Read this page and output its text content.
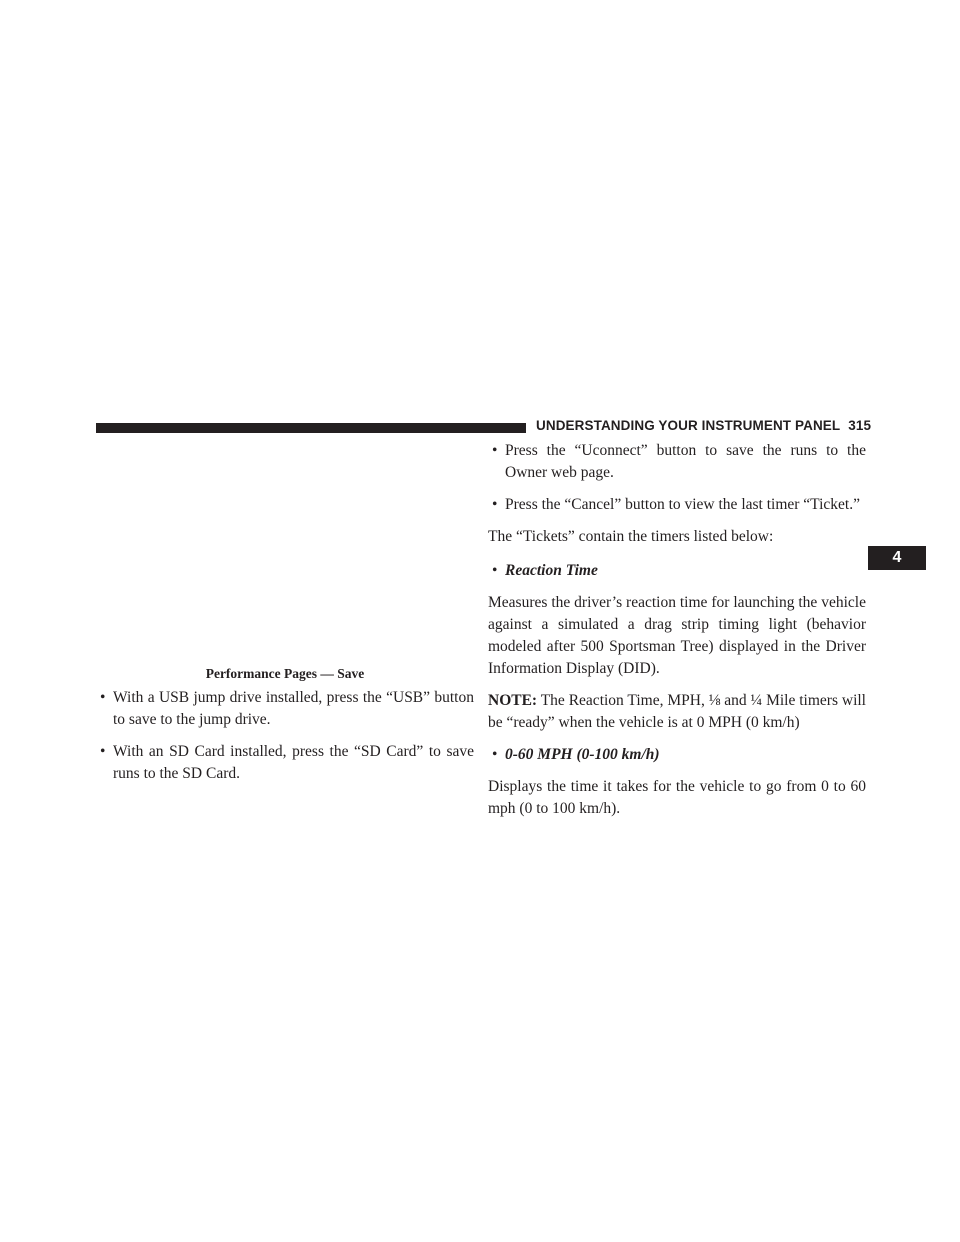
UNDERSTANDING YOUR INSTRUMENT PANEL 315
4
Performance Pages — Save
• With a USB jump drive installed, press the “USB” button to save to the jump drive.
• With an SD Card installed, press the “SD Card” to save runs to the SD Card.
• Press the “Uconnect” button to save the runs to the Owner web page.
• Press the “Cancel” button to view the last timer “Ticket.”
The “Tickets” contain the timers listed below:
• Reaction Time
Measures the driver’s reaction time for launching the vehicle against a simulated a drag strip timing light (behavior modeled after 500 Sportsman Tree) displayed in the Driver Information Display (DID).
NOTE: The Reaction Time, MPH, ⅛ and ¼ Mile timers will be “ready” when the vehicle is at 0 MPH (0 km/h)
• 0-60 MPH (0-100 km/h)
Displays the time it takes for the vehicle to go from 0 to 60 mph (0 to 100 km/h).
